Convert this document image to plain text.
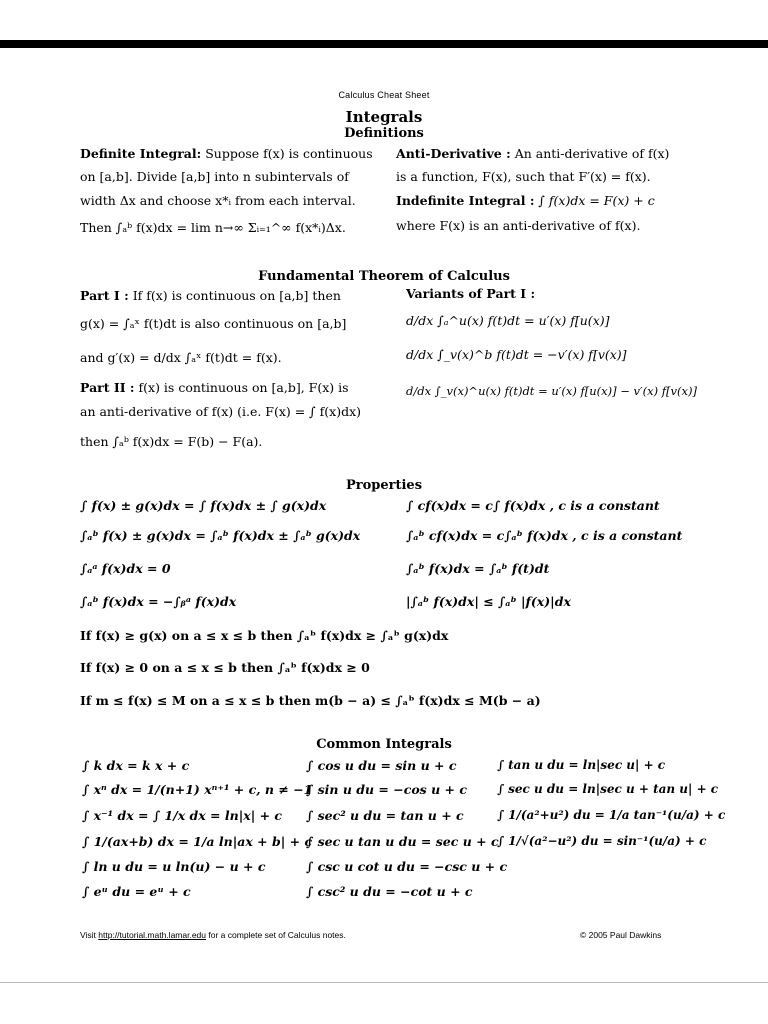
Calculus Cheat Sheet
Integrals
Definitions
Definite Integral: Suppose f(x) is continuous
on [a,b]. Divide [a,b] into n subintervals of
width Δx and choose x*ᵢ from each interval.
Then ∫ₐᵇ f(x)dx = lim n→∞ Σᵢ₌₁^∞ f(x*ᵢ)Δx.
Anti-Derivative : An anti-derivative of f(x)
is a function, F(x), such that F′(x) = f(x).
Indefinite Integral : ∫ f(x)dx = F(x) + c
where F(x) is an anti-derivative of f(x).
Fundamental Theorem of Calculus
Part I : If f(x) is continuous on [a,b] then
g(x) = ∫ₐˣ f(t)dt is also continuous on [a,b]
and g′(x) = d/dx ∫ₐˣ f(t)dt = f(x).
Part II : f(x) is continuous on [a,b], F(x) is
an anti-derivative of f(x) (i.e. F(x) = ∫ f(x)dx)
then ∫ₐᵇ f(x)dx = F(b) − F(a).
Variants of Part I :
d/dx ∫ₐ^u(x) f(t)dt = u′(x) f[u(x)]
d/dx ∫_v(x)^b f(t)dt = −v′(x) f[v(x)]
d/dx ∫_v(x)^u(x) f(t)dt = u′(x) f[u(x)] − v′(x) f[v(x)]
Properties
∫ f(x) ± g(x)dx = ∫ f(x)dx ± ∫ g(x)dx
∫ₐᵇ f(x) ± g(x)dx = ∫ₐᵇ f(x)dx ± ∫ₐᵇ g(x)dx
∫ₐᵃ f(x)dx = 0
∫ₐᵇ f(x)dx = −∫ᵦᵃ f(x)dx
∫ cf(x)dx = c∫ f(x)dx , c is a constant
∫ₐᵇ cf(x)dx = c∫ₐᵇ f(x)dx , c is a constant
∫ₐᵇ f(x)dx = ∫ₐᵇ f(t)dt
|∫ₐᵇ f(x)dx| ≤ ∫ₐᵇ |f(x)|dx
If f(x) ≥ g(x) on a ≤ x ≤ b then ∫ₐᵇ f(x)dx ≥ ∫ₐᵇ g(x)dx
If f(x) ≥ 0 on a ≤ x ≤ b then ∫ₐᵇ f(x)dx ≥ 0
If m ≤ f(x) ≤ M on a ≤ x ≤ b then m(b − a) ≤ ∫ₐᵇ f(x)dx ≤ M(b − a)
Common Integrals
∫ k dx = k x + c
∫ xⁿ dx = 1/(n+1) xⁿ⁺¹ + c, n ≠ −1
∫ x⁻¹ dx = ∫ 1/x dx = ln|x| + c
∫ 1/(ax+b) dx = 1/a ln|ax + b| + c
∫ ln u du = u ln(u) − u + c
∫ eᵘ du = eᵘ + c
∫ cos u du = sin u + c
∫ sin u du = −cos u + c
∫ sec² u du = tan u + c
∫ sec u tan u du = sec u + c
∫ csc u cot u du = −csc u + c
∫ csc² u du = −cot u + c
∫ tan u du = ln|sec u| + c
∫ sec u du = ln|sec u + tan u| + c
∫ 1/(a²+u²) du = 1/a tan⁻¹(u/a) + c
∫ 1/√(a²−u²) du = sin⁻¹(u/a) + c
Visit http://tutorial.math.lamar.edu for a complete set of Calculus notes.	© 2005 Paul Dawkins
